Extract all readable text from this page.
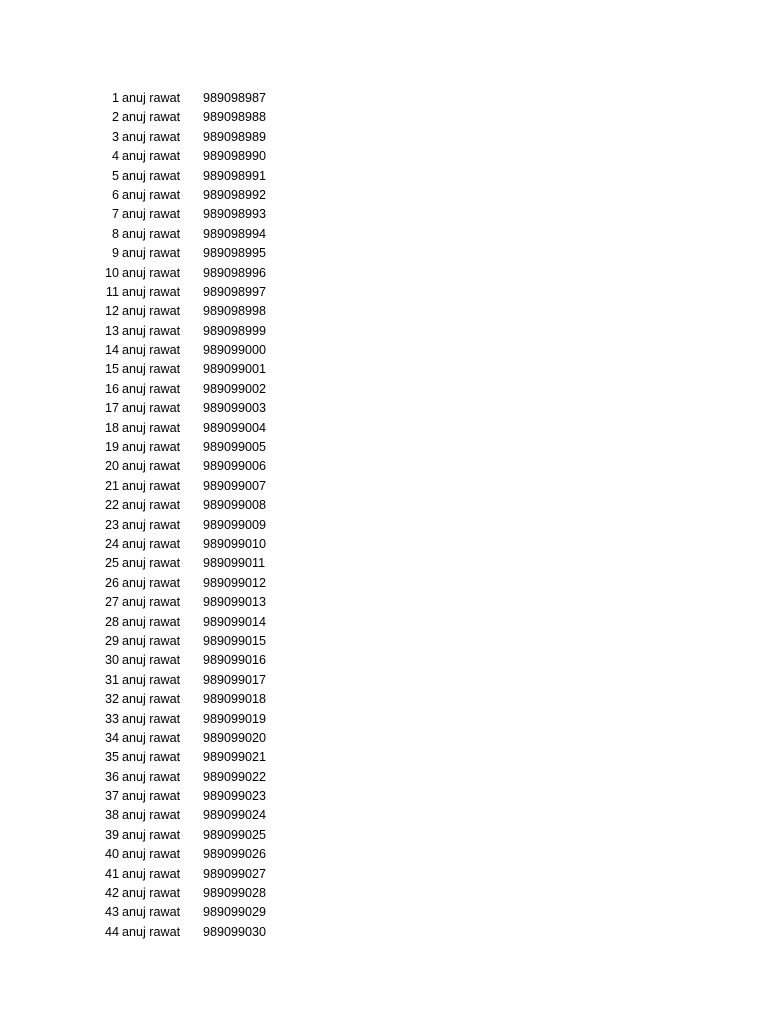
1 anuj rawat	989098987
2 anuj rawat	989098988
3 anuj rawat	989098989
4 anuj rawat	989098990
5 anuj rawat	989098991
6 anuj rawat	989098992
7 anuj rawat	989098993
8 anuj rawat	989098994
9 anuj rawat	989098995
10 anuj rawat	989098996
11 anuj rawat	989098997
12 anuj rawat	989098998
13 anuj rawat	989098999
14 anuj rawat	989099000
15 anuj rawat	989099001
16 anuj rawat	989099002
17 anuj rawat	989099003
18 anuj rawat	989099004
19 anuj rawat	989099005
20 anuj rawat	989099006
21 anuj rawat	989099007
22 anuj rawat	989099008
23 anuj rawat	989099009
24 anuj rawat	989099010
25 anuj rawat	989099011
26 anuj rawat	989099012
27 anuj rawat	989099013
28 anuj rawat	989099014
29 anuj rawat	989099015
30 anuj rawat	989099016
31 anuj rawat	989099017
32 anuj rawat	989099018
33 anuj rawat	989099019
34 anuj rawat	989099020
35 anuj rawat	989099021
36 anuj rawat	989099022
37 anuj rawat	989099023
38 anuj rawat	989099024
39 anuj rawat	989099025
40 anuj rawat	989099026
41 anuj rawat	989099027
42 anuj rawat	989099028
43 anuj rawat	989099029
44 anuj rawat	989099030
